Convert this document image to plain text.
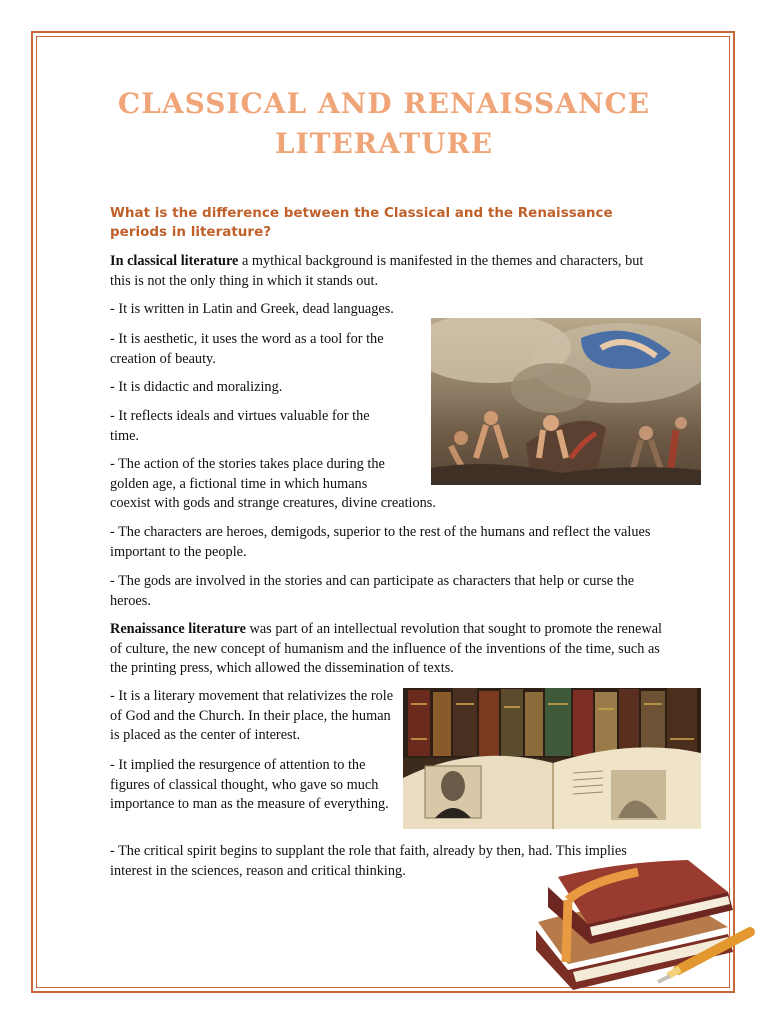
CLASSICAL AND RENAISSANCE LITERATURE
What is the difference between the Classical and the Renaissance periods in literature?

In classical literature a mythical background is manifested in the themes and characters, but this is not the only thing in which it stands out.

- It is written in Latin and Greek, dead languages.

- It is aesthetic, it uses the word as a tool for the creation of beauty.

- It is didactic and moralizing.

- It reflects ideals and virtues valuable for the time.

- The action of the stories takes place during the golden age, a fictional time in which humans

coexist with gods and strange creatures, divine creations.

- The characters are heroes, demigods, superior to the rest of the humans and reflect the values important to the people.

- The gods are involved in the stories and can participate as characters that help or curse the heroes.

Renaissance literature was part of an intellectual revolution that sought to promote the renewal of culture, the new concept of humanism and the influence of the inventions of the time, such as the printing press, which allowed the dissemination of texts.

- It is a literary movement that relativizes the role of God and the Church. In their place, the human is placed as the center of interest.

- It implied the resurgence of attention to the figures of classical thought, who gave so much importance to man as the measure of everything.

- The critical spirit begins to supplant the role that faith, already by then, had. This implies interest in the sciences, reason and critical thinking.
